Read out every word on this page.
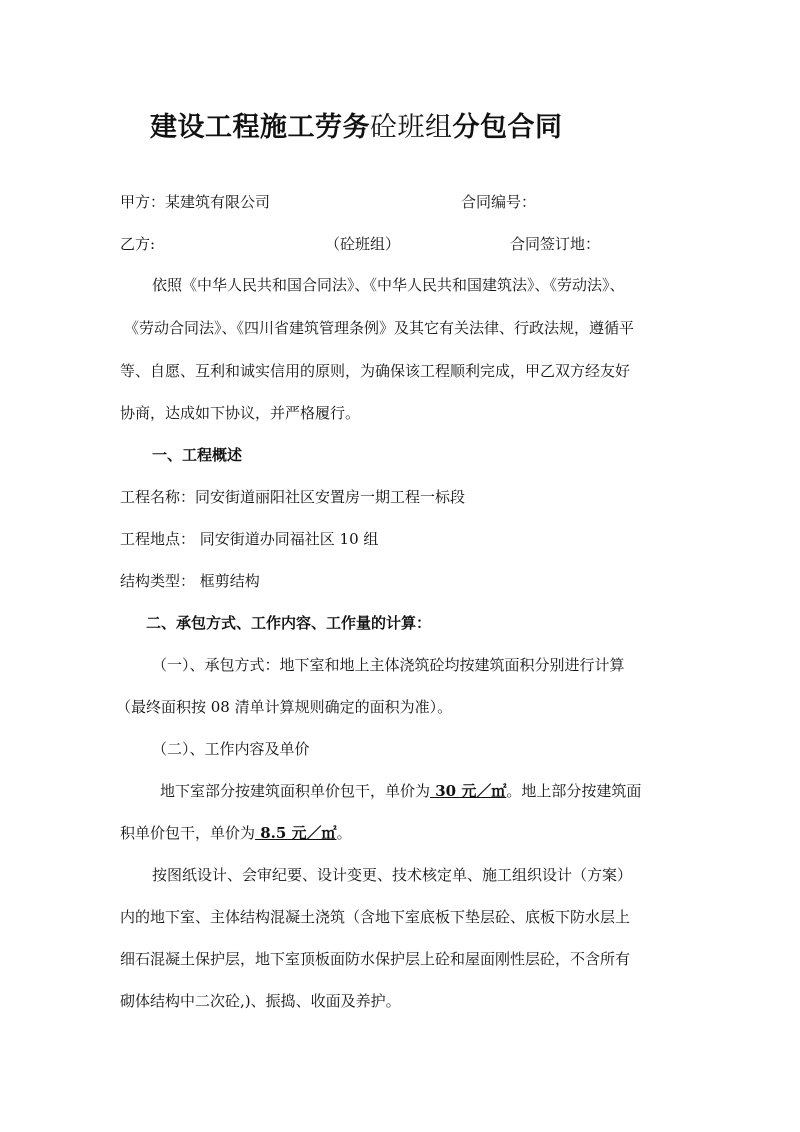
建设工程施工劳务砼班组分包合同
甲方：某建筑有限公司	合同编号：
乙方:	（砼班组）	合同签订地：
依照《中华人民共和国合同法》、《中华人民共和国建筑法》、《劳动法》、
《劳动合同法》、《四川省建筑管理条例》及其它有关法律、行政法规，遵循平
等、自愿、互利和诚实信用的原则，为确保该工程顺利完成，甲乙双方经友好
协商，达成如下协议，并严格履行。
一、工程概述
工程名称：同安街道丽阳社区安置房一期工程一标段
工程地点： 同安街道办同福社区 10 组
结构类型： 框剪结构
二、承包方式、工作内容、工作量的计算：
（一）、承包方式：地下室和地上主体浇筑砼均按建筑面积分别进行计算
（最终面积按 08 清单计算规则确定的面积为准）。
（二）、工作内容及单价
地下室部分按建筑面积单价包干，单价为 30 元／㎡。地上部分按建筑面
积单价包干，单价为 8.5 元／㎡。
按图纸设计、会审纪要、设计变更、技术核定单、施工组织设计（方案）
内的地下室、主体结构混凝土浇筑（含地下室底板下垫层砼、底板下防水层上
细石混凝土保护层，地下室顶板面防水保护层上砼和屋面刚性层砼，不含所有
砌体结构中二次砼,)、振捣、收面及养护。
